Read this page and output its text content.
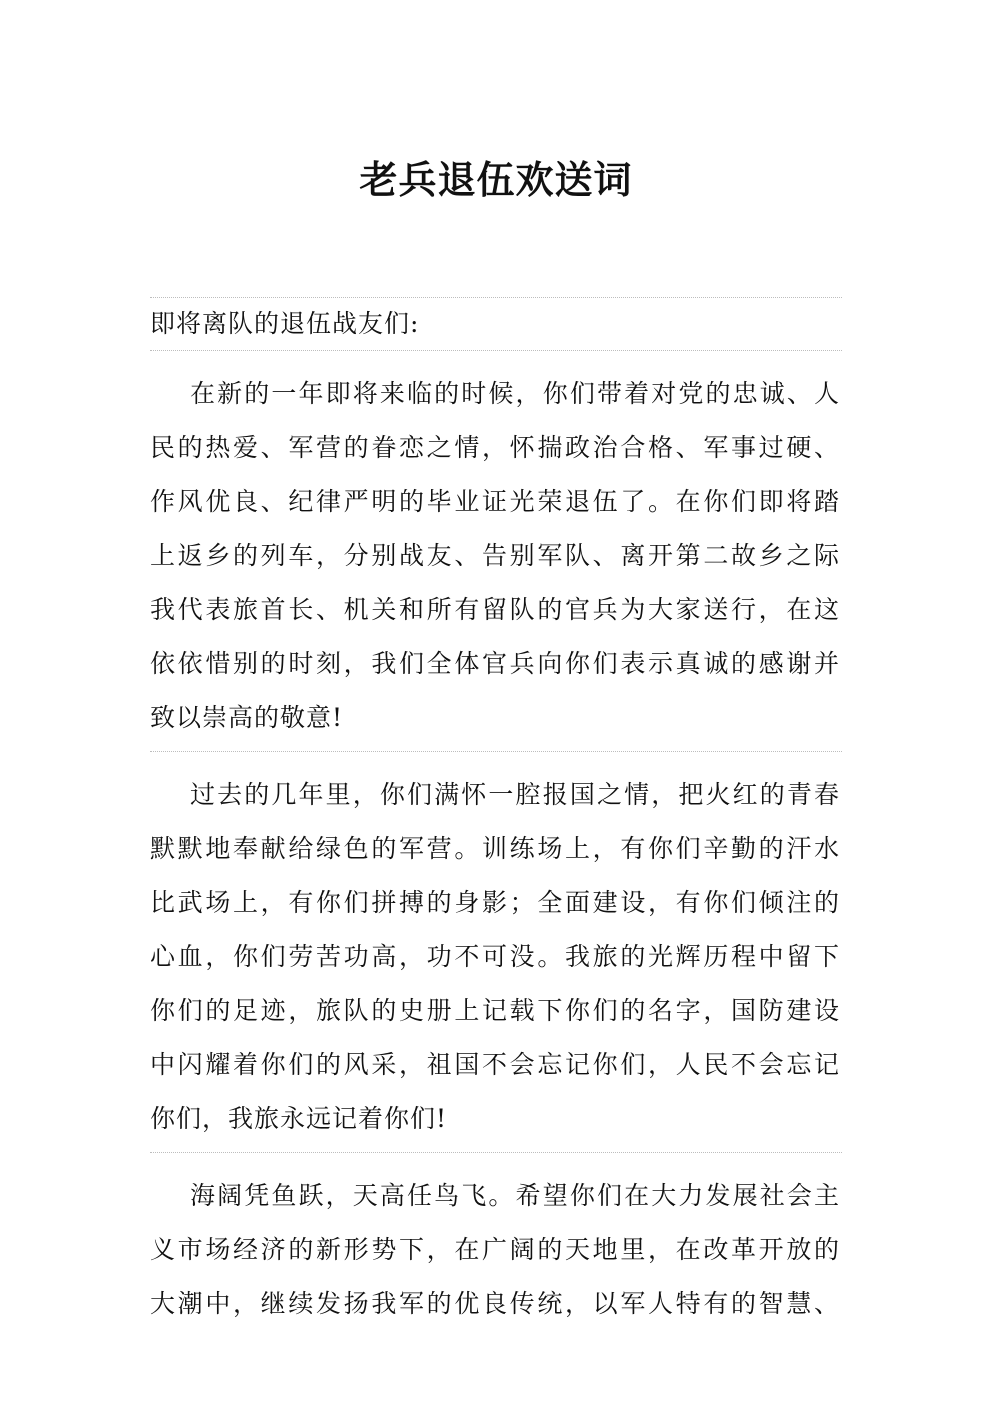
老兵退伍欢送词
即将离队的退伍战友们:
在新的一年即将来临的时候，你们带着对党的忠诚、人
民的热爱、军营的眷恋之情，怀揣政治合格、军事过硬、
作风优良、纪律严明的毕业证光荣退伍了。在你们即将踏
上返乡的列车，分别战友、告别军队、离开第二故乡之际
我代表旅首长、机关和所有留队的官兵为大家送行，在这
依依惜别的时刻，我们全体官兵向你们表示真诚的感谢并
致以崇高的敬意!
过去的几年里，你们满怀一腔报国之情，把火红的青春
默默地奉献给绿色的军营。训练场上，有你们辛勤的汗水
比武场上，有你们拼搏的身影；全面建设，有你们倾注的
心血，你们劳苦功高，功不可没。我旅的光辉历程中留下
你们的足迹，旅队的史册上记载下你们的名字，国防建设
中闪耀着你们的风采，祖国不会忘记你们，人民不会忘记
你们，我旅永远记着你们!
海阔凭鱼跃，天高任鸟飞。希望你们在大力发展社会主
义市场经济的新形势下，在广阔的天地里，在改革开放的
大潮中，继续发扬我军的优良传统，以军人特有的智慧、
